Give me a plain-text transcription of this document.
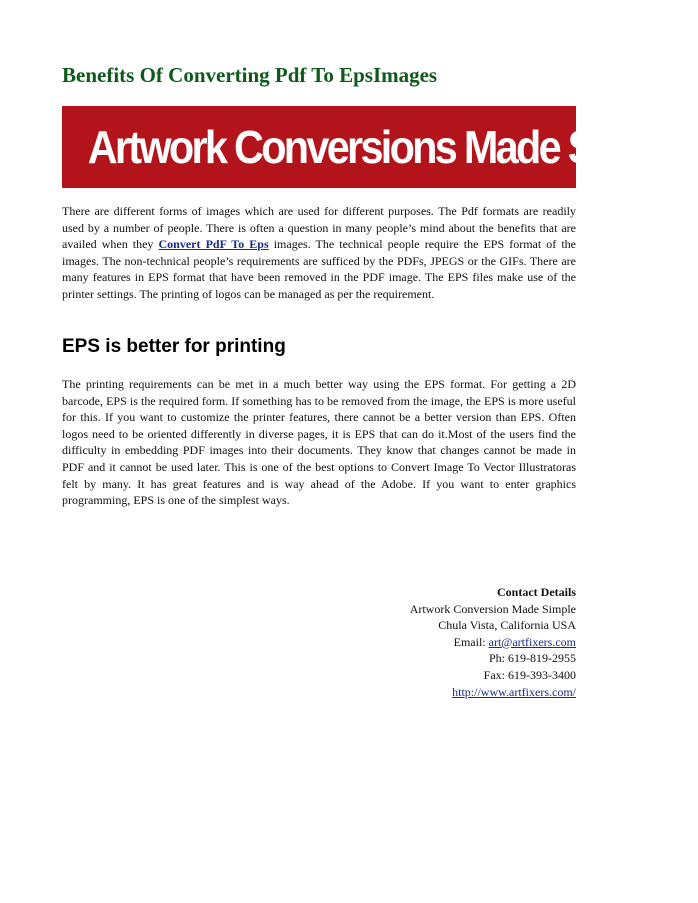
Benefits Of Converting Pdf To EpsImages
Artwork Conversions Made Simple!

There are different forms of images which are used for different purposes. The Pdf formats are readily used by a number of people. There is often a question in many people’s mind about the benefits that are availed when they Convert PdF To Eps images. The technical people require the EPS format of the images. The non-technical people’s requirements are sufficed by the PDFs, JPEGS or the GIFs. There are many features in EPS format that have been removed in the PDF image. The EPS files make use of the printer settings. The printing of logos can be managed as per the requirement.

EPS is better for printing

The printing requirements can be met in a much better way using the EPS format. For getting a 2D barcode, EPS is the required form. If something has to be removed from the image, the EPS is more useful for this. If you want to customize the printer features, there cannot be a better version than EPS. Often logos need to be oriented differently in diverse pages, it is EPS that can do it.Most of the users find the difficulty in embedding PDF images into their documents. They know that changes cannot be made in PDF and it cannot be used later. This is one of the best options to Convert Image To Vector Illustratoras felt by many. It has great features and is way ahead of the Adobe. If you want to enter graphics programming, EPS is one of the simplest ways.

Contact Details
Artwork Conversion Made Simple
Chula Vista, California USA
Email: art@artfixers.com
Ph: 619-819-2955
Fax: 619-393-3400
http://www.artfixers.com/
